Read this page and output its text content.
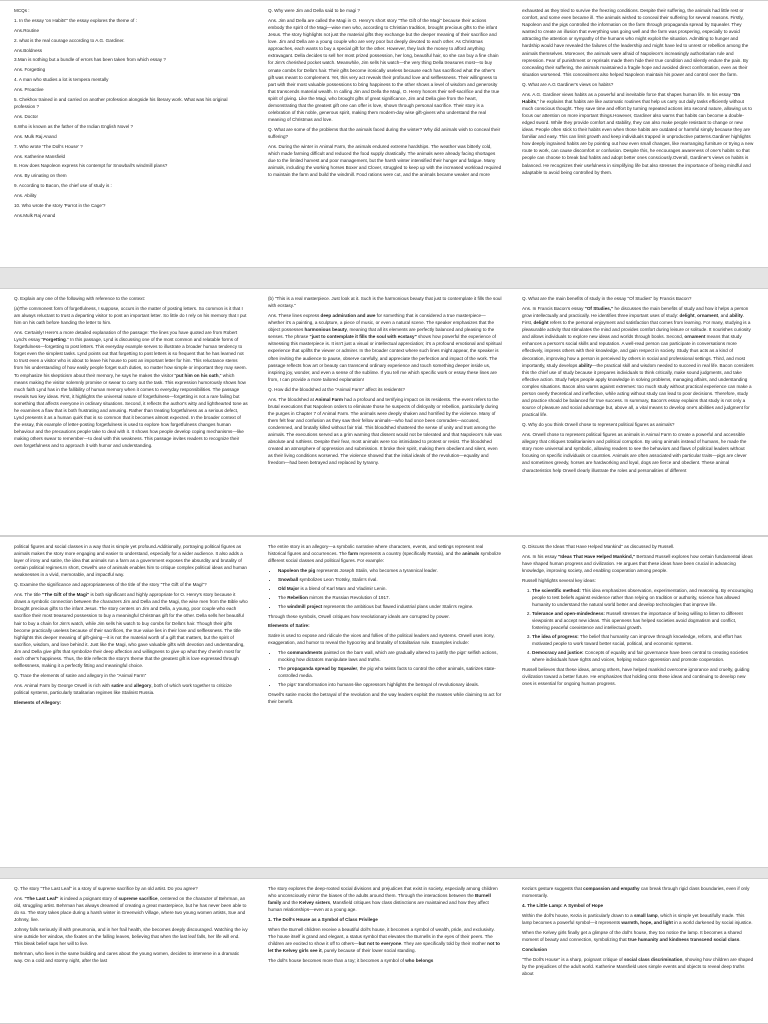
MCQs :

1. In the essay 'on Habits'" the essay explores the theme of :

Ans.Routine

2. what is the real courage according to A.G. Gardiner.

Ans.Boldness

3.Man is nothing but a bundle of errors has been taken from which essay ?

Ans. Forgetting

4. A man who studies a lot is tempera mentally

Ans. Proactive

5. Chekhov trained in and carried on another profession alongside his literary work. What was his original profession ?

Ans. Doctor

6.Who is known as the father of the Indian English Novel ?

Ans. Mulk Raj Anand

7. Who wrote 'The Doll's House' ?

Ans. Katherine Mansfield

8. How does Napoleon express his contempt for Snowball's windmill plans?

Ans. By urinating on them

9. According to Bacon, the chief use of study is :

Ans. Ability

10. Who wrote the story 'Parrot in the Cage'?

Ans.Mulk Raj Anand

Q. Why were Jim and Della said to be magi ?

Ans. Jim and Della are called the Magi in O. Henry's short story "The Gift of the Magi" because their actions embody the spirit of the Magi—wise men who, according to Christian tradition, brought precious gifts to the infant Jesus. The story highlights not just the material gifts they exchange but the deeper meaning of their sacrifice and love. Jim and Della are a young couple who are very poor but deeply devoted to each other. As Christmas approaches, each wants to buy a special gift for the other. However, they lack the money to afford anything extravagant. Della decides to sell her most prized possession, her long, beautiful hair, so she can buy a fine chain for Jim's cherished pocket watch. Meanwhile, Jim sells his watch—the very thing Della treasures most—to buy ornate combs for Della's hair. Their gifts become ironically useless because each has sacrificed what the other's gift was meant to complement. Yet, this very act reveals their profound love and selflessness. Their willingness to part with their most valuable possessions to bring happiness to the other shows a level of wisdom and generosity that transcends material wealth. In calling Jim and Della the Magi, O. Henry honors their self-sacrifice and the true spirit of giving. Like the Magi, who brought gifts of great significance, Jim and Della give from the heart, demonstrating that the greatest gift one can offer is love, shown through personal sacrifice. Their story is a celebration of this noble, generous spirit, making them modern-day wise gift-givers who understand the real meaning of Christmas and love.

Q. What are some of the problems that the animals faced during the winter? Why did animals wish to conceal their suffering?

Ans. During the winter in Animal Farm, the animals endured extreme hardships. The weather was bitterly cold, which made farming difficult and reduced the food supply drastically. The animals were already facing shortages due to the limited harvest and poor management, but the harsh winter intensified their hunger and fatigue. Many animals, including the working horses Boxer and Clover, struggled to keep up with the increased workload required to maintain the farm and build the windmill. Food rations were cut, and the animals became weaker and more

exhausted as they tried to survive the freezing conditions. Despite their suffering, the animals had little rest or comfort, and some even became ill. The animals wished to conceal their suffering for several reasons. Firstly, Napoleon and the pigs controlled the information on the farm through propaganda spread by Squealer. They wanted to create an illusion that everything was going well and the farm was prospering, especially to avoid attracting the attention or sympathy of the humans who might exploit the situation. Admitting to hunger and hardship would have revealed the failures of the leadership and might have led to unrest or rebellion among the animals themselves. Moreover, the animals were afraid of Napoleon's increasingly authoritarian rule and repression. Fear of punishment or reprisals made them hide their true condition and silently endure the pain. By concealing their suffering, the animals maintained a fragile hope and avoided direct confrontation, even as their situation worsened. This concealment also helped Napoleon maintain his power and control over the farm.

Q. What are A.G Gardiner's views on habits?

Ans. A.G. Gardiner views habits as a powerful and inevitable force that shapes human life. In his essay "On Habits," he explains that habits are like automatic routines that help us carry out daily tasks efficiently without much conscious thought. They save time and effort by turning repeated actions into second nature, allowing us to focus our attention on more important things.However, Gardiner also warns that habits can become a double-edged sword. While they provide comfort and stability, they can also make people resistant to change or new ideas. People often stick to their habits even when those habits are outdated or harmful simply because they are familiar and easy. This can limit growth and keep individuals trapped in unproductive patterns.Gardiner highlights how deeply ingrained habits are by pointing out how even small changes, like rearranging furniture or trying a new route to work, can cause discomfort or confusion. Despite this, he encourages awareness of one's habits so that people can choose to break bad habits and adopt better ones consciously.Overall, Gardiner's views on habits is balanced. He recognizes their usefulness in simplifying life but also stresses the importance of being mindful and adaptable to avoid being controlled by them.

Q. Explain any one of the following with reference to the context:

(a)The commonest form of forgetfulness, I suppose, occurs in the matter of posting letters. So common is it that I am always reluctant to trust a departing visitor to post an important letter. So little do I rely on his memory that I put him on his oath before handing the letter to him.

Ans. Certainly! Here's a more detailed explanation of the passage: The lines you have quoted are from Robert Lynd's essay "Forgetting." In this passage, Lynd is discussing one of the most common and relatable forms of forgetfulness—forgetting to post letters. This everyday example serves to illustrate a broader human tendency to forget even the simplest tasks. Lynd points out that forgetting to post letters is so frequent that he has learned not to trust even a visitor who is about to leave his house to post an important letter for him. This reluctance stems from his understanding of how easily people forget such duties, no matter how simple or important they may seem. To emphasize his skepticism about their memory, he says he makes the visitor "put him on his oath," which means making the visitor solemnly promise or swear to carry out the task. This expression humorously shows how much faith Lynd has in the fallibility of human memory when it comes to everyday responsibilities. The passage reveals two key ideas. First, it highlights the universal nature of forgetfulness—forgetting is not a rare failing but something that affects everyone in ordinary situations. Second, it reflects the author's witty and lighthearted tone as he examines a flaw that is both frustrating and amusing. Rather than treating forgetfulness as a serious defect, Lynd presents it as a human quirk that is so common that it becomes almost expected. In the broader context of the essay, this example of letter-posting forgetfulness is used to explore how forgetfulness changes human behaviour and the precautions people take to deal with it. It shows how people develop coping mechanisms—like making others swear to remember—to deal with this weakness. This passage invites readers to recognize their own forgetfulness and to approach it with humor and understanding.

(b) "This is a real masterpiece. Just look at it. Such is the harmonious beauty that just to contemplate it fills the soul with ecstasy."

Ans. These lines express deep admiration and awe for something that is considered a true masterpiece—whether it's a painting, a sculpture, a piece of music, or even a natural scene. The speaker emphasizes that the object possesses harmonious beauty, meaning that all its elements are perfectly balanced and pleasing to the senses. The phrase "just to contemplate it fills the soul with ecstasy" shows how powerful the experience of witnessing this masterpiece is. It isn't just a visual or intellectual appreciation; it's a profound emotional and spiritual experience that uplifts the viewer or admirer. In the broader context where such lines might appear, the speaker is often inviting the audience to pause, observe carefully, and appreciate the perfection and impact of the work. The passage reflects how art or beauty can transcend ordinary experience and touch something deeper inside us, inspiring joy, wonder, and even a sense of the sublime. If you tell me which specific work or essay these lines are from, I can provide a more tailored explanation!

Q. How did the bloodshed at the "Animal Farm" affect its residents?

Ans. The bloodshed at Animal Farm had a profound and terrifying impact on its residents. The event refers to the brutal executions that Napoleon orders to eliminate those he suspects of disloyalty or rebellion, particularly during the purges in Chapter 7 of Animal Farm. The animals were deeply shaken and horrified by the violence. Many of them felt fear and confusion as they saw their fellow animals—who had once been comrades—accused, condemned, and brutally killed without fair trial. This bloodshed shattered the sense of unity and trust among the animals. The executions served as a grim warning that dissent would not be tolerated and that Napoleon's rule was absolute and ruthless. Despite their fear, most animals were too intimidated to protest or resist. The bloodshed created an atmosphere of oppression and submission. It broke their spirit, making them obedient and silent, even as their living conditions worsened. The violence showed that the initial ideals of the revolution—equality and freedom—had been betrayed and replaced by tyranny.

Q. What are the main benefits of study in the essay "Of Studies" by Francis Bacon?

Ans. In Francis Bacon's essay "Of Studies," he discusses the main benefits of study and how it helps a person grow intellectually and practically. He identifies three important uses of study: delight, ornament, and ability. First, delight refers to the personal enjoyment and satisfaction that comes from learning. For many, studying is a pleasurable activity that stimulates the mind and provides comfort during leisure or solitude. It nourishes curiosity and allows individuals to explore new ideas and worlds through books. Second, ornament means that study enhances a person's social skills and reputation. A well-read person can participate in conversations more effectively, impress others with their knowledge, and gain respect in society. Study thus acts as a kind of decoration, improving how a person is perceived by others in social and professional settings. Third, and most importantly, study develops ability—the practical skill and wisdom needed to succeed in real life. Bacon considers this the chief use of study because it prepares individuals to think critically, make sound judgments, and take effective action. Study helps people apply knowledge in solving problems, managing affairs, and understanding complex situations. Bacon also warns against extremes: too much study without practical experience can make a person overly theoretical and ineffective, while acting without study can lead to poor decisions. Therefore, study and practice should be balanced for true success. In summary, Bacon's essay explains that study is not only a source of pleasure and social advantage but, above all, a vital means to develop one's abilities and judgment for practical life.

Q. Why do you think Orwell chose to represent political figures as animals?

Ans. Orwell chose to represent political figures as animals in Animal Farm to create a powerful and accessible allegory that critiques totalitarianism and political corruption. By using animals instead of humans, he made the story more universal and symbolic, allowing readers to see the behaviors and flaws of political leaders without focusing on specific individuals or countries. Animals are often associated with particular traits—pigs are clever and sometimes greedy, horses are hardworking and loyal, dogs are fierce and obedient. These animal characteristics help Orwell clearly illustrate the roles and personalities of different

political figures and social classes in a way that is simple yet profound.Additionally, portraying political figures as animals makes the story more engaging and easier to understand, especially for a wider audience. It also adds a layer of irony and satire, the idea that animals run a farm as a government exposes the absurdity and brutality of certain political regimes.In short, Orwell's use of animals enables him to critique complex political ideas and human weaknesses in a vivid, memorable, and impactful way.

Q. Examine the significance and appropriateness of the title of the story "The Gift of the Magi"?

Ans. The title "The Gift of the Magi" is both significant and highly appropriate for O. Henry's story because it draws a symbolic connection between the characters Jim and Della and the Magi, the wise men from the Bible who brought precious gifts to the infant Jesus. The story centers on Jim and Della, a young, poor couple who each sacrifice their most treasured possession to buy a meaningful Christmas gift for the other. Della sells her beautiful hair to buy a chain for Jim's watch, while Jim sells his watch to buy combs for Della's hair. Though their gifts become practically useless because of their sacrifices, the true value lies in their love and selflessness. The title highlights this deeper meaning of gift-giving—it is not the material worth of a gift that matters, but the spirit of sacrifice, wisdom, and love behind it. Just like the Magi, who gave valuable gifts with devotion and understanding, Jim and Della give gifts that symbolize their deep affection and willingness to give up what they cherish most for each other's happiness. Thus, the title reflects the story's theme that the greatest gift is love expressed through selflessness, making it a perfectly fitting and meaningful choice.

Q. Trace the elements of satire and allegory in the "Animal Farm"

Ans. Animal Farm by George Orwell is rich with satire and allegory, both of which work together to criticize political systems, particularly totalitarian regimes like Stalinist Russia.

Elements of Allegory:

The entire story is an allegory—a symbolic narrative where characters, events, and settings represent real historical figures and occurrences. The farm represents a country (specifically Russia), and the animals symbolize different social classes and political figures. For example:

• Napoleon the pig represents Joseph Stalin, who becomes a tyrannical leader.
• Snowball symbolizes Leon Trotsky, Stalin's rival.
• Old Major is a blend of Karl Marx and Vladimir Lenin.
• The Rebellion mirrors the Russian Revolution of 1917.
• The windmill project represents the ambitious but flawed industrial plans under Stalin's regime.

Through these symbols, Orwell critiques how revolutionary ideals are corrupted by power.

Elements of Satire:

Satire is used to expose and ridicule the vices and follies of the political leaders and systems. Orwell uses irony, exaggeration, and humor to reveal the hypocrisy and brutality of totalitarian rule. Examples include:

• The commandments painted on the barn wall, which are gradually altered to justify the pigs' selfish actions, mocking how dictators manipulate laws and truths.
• The propaganda spread by Squealer, the pig who twists facts to control the other animals, satirizes state-controlled media.
• The pigs' transformation into humans-like oppressors highlights the betrayal of revolutionary ideals.

Orwell's satire mocks the betrayal of the revolution and the way leaders exploit the masses while claiming to act for their benefit.

Q. Discuss the Ideas That Have Helped Mankind" as discussed by Russell.

Ans. In his essay "Ideas That Have Helped Mankind," Bertrand Russell explores how certain fundamental ideas have shaped human progress and civilization. He argues that these ideas have been crucial in advancing knowledge, improving society, and enabling cooperation among people.

Russell highlights several key ideas:

1. The scientific method: This idea emphasizes observation, experimentation, and reasoning. By encouraging people to test beliefs against evidence rather than relying on tradition or authority, science has allowed humanity to understand the natural world better and develop technologies that improve life.
2. Tolerance and open-mindedness: Russell stresses the importance of being willing to listen to different viewpoints and accept new ideas. This openness has helped societies avoid dogmatism and conflict, fostering peaceful coexistence and intellectual growth.
3. The idea of progress: The belief that humanity can improve through knowledge, reform, and effort has motivated people to work toward better social, political, and economic systems.
4. Democracy and justice: Concepts of equality and fair governance have been central to creating societies where individuals have rights and voices, helping reduce oppression and promote cooperation.

Russell believes that these ideas, among others, have helped mankind overcome ignorance and cruelty, guiding civilization toward a better future. He emphasizes that holding onto these ideas and continuing to develop new ones is essential for ongoing human progress.

Q. The story "The Last Leaf" is a story of supreme sacrifice by an old artist. Do you agree?

Ans. "The Last Leaf" is indeed a poignant story of supreme sacrifice, centered on the character of Behrman, an old, struggling artist. Behrman has always dreamed of creating a great masterpiece, but he has never been able to do so. The story takes place during a harsh winter in Greenwich Village, where two young women artists, Sue and Johnsy, live.

Johnsy falls seriously ill with pneumonia, and in her frail health, she becomes deeply discouraged. Watching the ivy vine outside her window, she fixates on the falling leaves, believing that when the last leaf falls, her life will end. This bleak belief saps her will to live.

Behrman, who lives in the same building and cares about the young women, decides to intervene in a dramatic way. On a cold and stormy night, after the last

The story explores the deep-rooted social divisions and prejudices that exist in society, especially among children who unconsciously mirror the biases of the adults around them. Through the interactions between the Burnell family and the Kelvey sisters, Mansfield critiques how class distinctions are maintained and how they affect human relationships—even at a young age.

1. The Doll's House as a Symbol of Class Privilege

When the Burnell children receive a beautiful doll's house, it becomes a symbol of wealth, pride, and exclusivity. The house itself is grand and elegant, a status symbol that elevates the Burnells in the eyes of their peers. The children are excited to show it off to others—but not to everyone. They are specifically told by their mother not to let the Kelvey girls see it, purely because of their lower social standing.

The doll's house becomes more than a toy; it becomes a symbol of who belongs

Kezia's gesture suggests that compassion and empathy can break through rigid class boundaries, even if only momentarily.

4. The Little Lamp: A Symbol of Hope

Within the doll's house, Kezia is particularly drawn to a small lamp, which is simple yet beautifully made. This lamp becomes a powerful symbol—it represents warmth, hope, and light in a world darkened by social injustice.

When the Kelvey girls finally get a glimpse of the doll's house, they too notice the lamp. It becomes a shared moment of beauty and connection, symbolizing that true humanity and kindness transcend social class.

Conclusion

"The Doll's House" is a sharp, poignant critique of social class discrimination, showing how children are shaped by the prejudices of the adult world. Katherine Mansfield uses simple events and objects to reveal deep truths about
